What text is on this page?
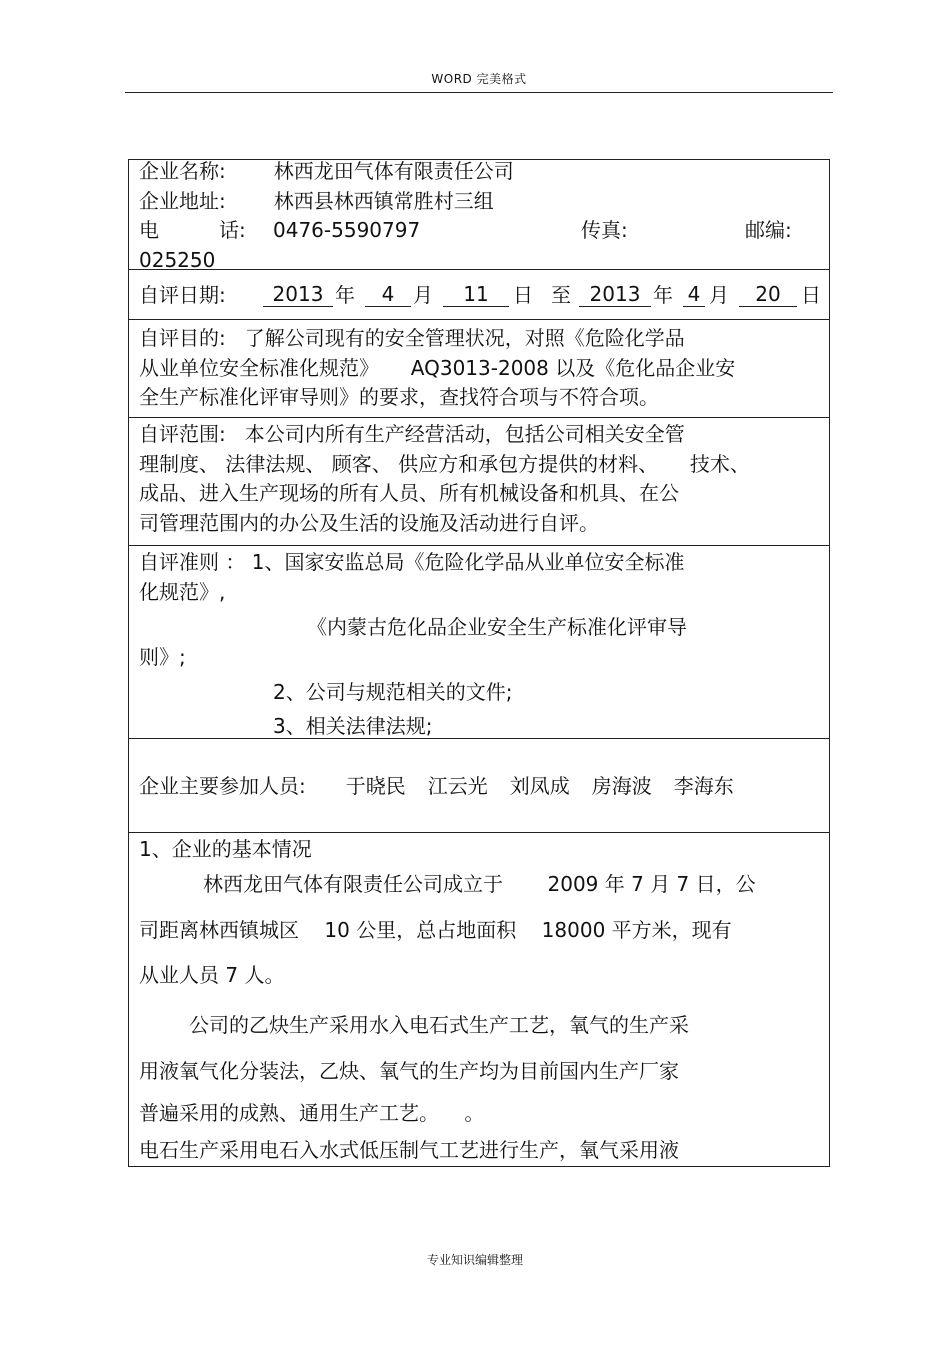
WORD 完美格式
企业名称: 林西龙田气体有限责任公司
企业地址: 林西县林西镇常胜村三组
电	话: 0476-5590797	传真:	邮编:
025250
自评日期:	2013 年	4 月	11	日 至 2013 年 4 月	20	日
自评目的:   了解公司现有的安全管理状况，对照《危险化学品
从业单位安全标准化规范》     AQ3013-2008 以及《危化品企业安
全生产标准化评审导则》的要求，查找符合项与不符合项。
自评范围:   本公司内所有生产经营活动，包括公司相关安全管
理制度、 法律法规、 顾客、 供应方和承包方提供的材料、     技术、
成品、进入生产现场的所有人员、所有机械设备和机具、在公
司管理范围内的办公及生活的设施及活动进行自评。
自评准则 ： 1、国家安监总局《危险化学品从业单位安全标准
化规范》,
《内蒙古危化品企业安全生产标准化评审导
则》;
2、公司与规范相关的文件;
3、相关法律法规;
企业主要参加人员: 于晓民 江云光 刘凤成 房海波 李海东
1、企业的基本情况
林西龙田气体有限责任公司成立于       2009 年 7 月 7 日，公
司距离林西镇城区    10 公里，总占地面积    18000 平方米，现有
从业人员 7 人。
公司的乙炔生产采用水入电石式生产工艺，氧气的生产采
用液氧气化分装法，乙炔、氧气的生产均为目前国内生产厂家
普遍采用的成熟、通用生产工艺。    。
电石生产采用电石入水式低压制气工艺进行生产，氧气采用液
专业知识编辑整理
